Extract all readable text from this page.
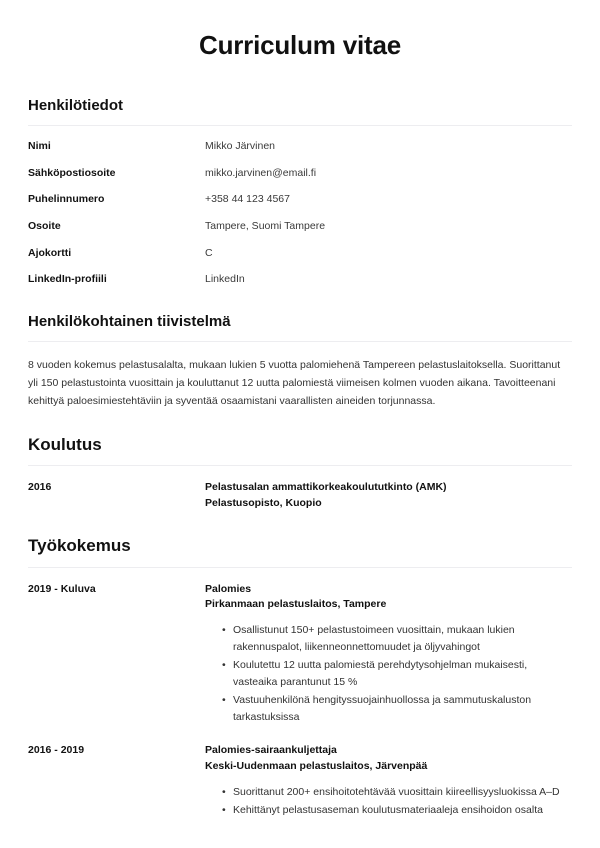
Curriculum vitae
Henkilötiedot
Nimi	Mikko Järvinen
Sähköpostiosoite	mikko.jarvinen@email.fi
Puhelinnumero	+358 44 123 4567
Osoite	Tampere, Suomi Tampere
Ajokortti	C
LinkedIn-profiili	LinkedIn
Henkilökohtainen tiivistelmä

8 vuoden kokemus pelastusalalta, mukaan lukien 5 vuotta palomiehenä Tampereen pelastuslaitoksella. Suorittanut yli 150 pelastustointa vuosittain ja kouluttanut 12 uutta palomiestä viimeisen kolmen vuoden aikana. Tavoitteenani kehittyä paloesimiestehtäviin ja syventää osaamistani vaarallisten aineiden torjunnassa.

Koulutus
2016	Pelastusalan ammattikorkeakoulututkinto (AMK)
Pelastusopisto, Kuopio
Työkokemus
2019 - Kuluva	Palomies
Pirkanmaan pelastuslaitos, Tampere
• Osallistunut 150+ pelastustoimeen vuosittain, mukaan lukien rakennuspalot, liikenneonnettomuudet ja öljyvahingot
• Koulutettu 12 uutta palomiestä perehdytysohjelman mukaisesti, vasteaika parantunut 15 %
• Vastuuhenkilönä hengityssuojainhuollossa ja sammutuskaluston tarkastuksissa
2016 - 2019	Palomies-sairaankuljettaja
Keski-Uudenmaan pelastuslaitos, Järvenpää
• Suorittanut 200+ ensihoitotehtävää vuosittain kiireellisyysluokissa A–D
• Kehittänyt pelastusaseman koulutusmateriaaleja ensihoidon osalta
